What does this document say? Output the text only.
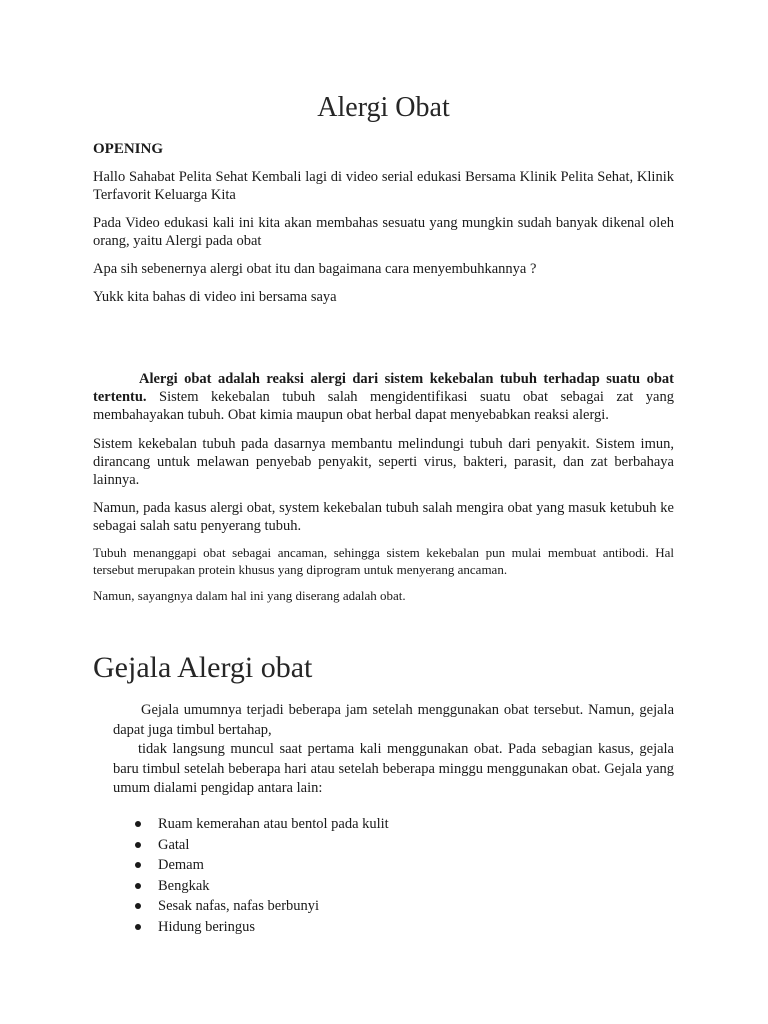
Alergi Obat
OPENING

Hallo Sahabat Pelita Sehat Kembali lagi di video serial edukasi Bersama Klinik Pelita Sehat, Klinik Terfavorit Keluarga Kita

Pada Video edukasi kali ini kita akan membahas sesuatu yang mungkin sudah banyak dikenal oleh orang, yaitu Alergi pada obat

Apa sih sebenernya alergi obat itu dan bagaimana cara menyembuhkannya ?

Yukk kita bahas di video ini bersama saya

Alergi obat adalah reaksi alergi dari sistem kekebalan tubuh terhadap suatu obat tertentu. Sistem kekebalan tubuh salah mengidentifikasi suatu obat sebagai zat yang membahayakan tubuh. Obat kimia maupun obat herbal dapat menyebabkan reaksi alergi.

Sistem kekebalan tubuh pada dasarnya membantu melindungi tubuh dari penyakit. Sistem imun, dirancang untuk melawan penyebab penyakit, seperti virus, bakteri, parasit, dan zat berbahaya lainnya.

Namun, pada kasus alergi obat, system kekebalan tubuh salah mengira obat yang masuk ketubuh ke sebagai salah satu penyerang tubuh.

Tubuh menanggapi obat sebagai ancaman, sehingga sistem kekebalan pun mulai membuat antibodi. Hal tersebut merupakan protein khusus yang diprogram untuk menyerang ancaman.

Namun, sayangnya dalam hal ini yang diserang adalah obat.

Gejala Alergi obat

Gejala umumnya terjadi beberapa jam setelah menggunakan obat tersebut. Namun, gejala dapat juga timbul bertahap,

tidak langsung muncul saat pertama kali menggunakan obat. Pada sebagian kasus, gejala baru timbul setelah beberapa hari atau setelah beberapa minggu menggunakan obat. Gejala yang umum dialami pengidap antara lain:

Ruam kemerahan atau bentol pada kulit
Gatal
Demam
Bengkak
Sesak nafas, nafas berbunyi
Hidung beringus
